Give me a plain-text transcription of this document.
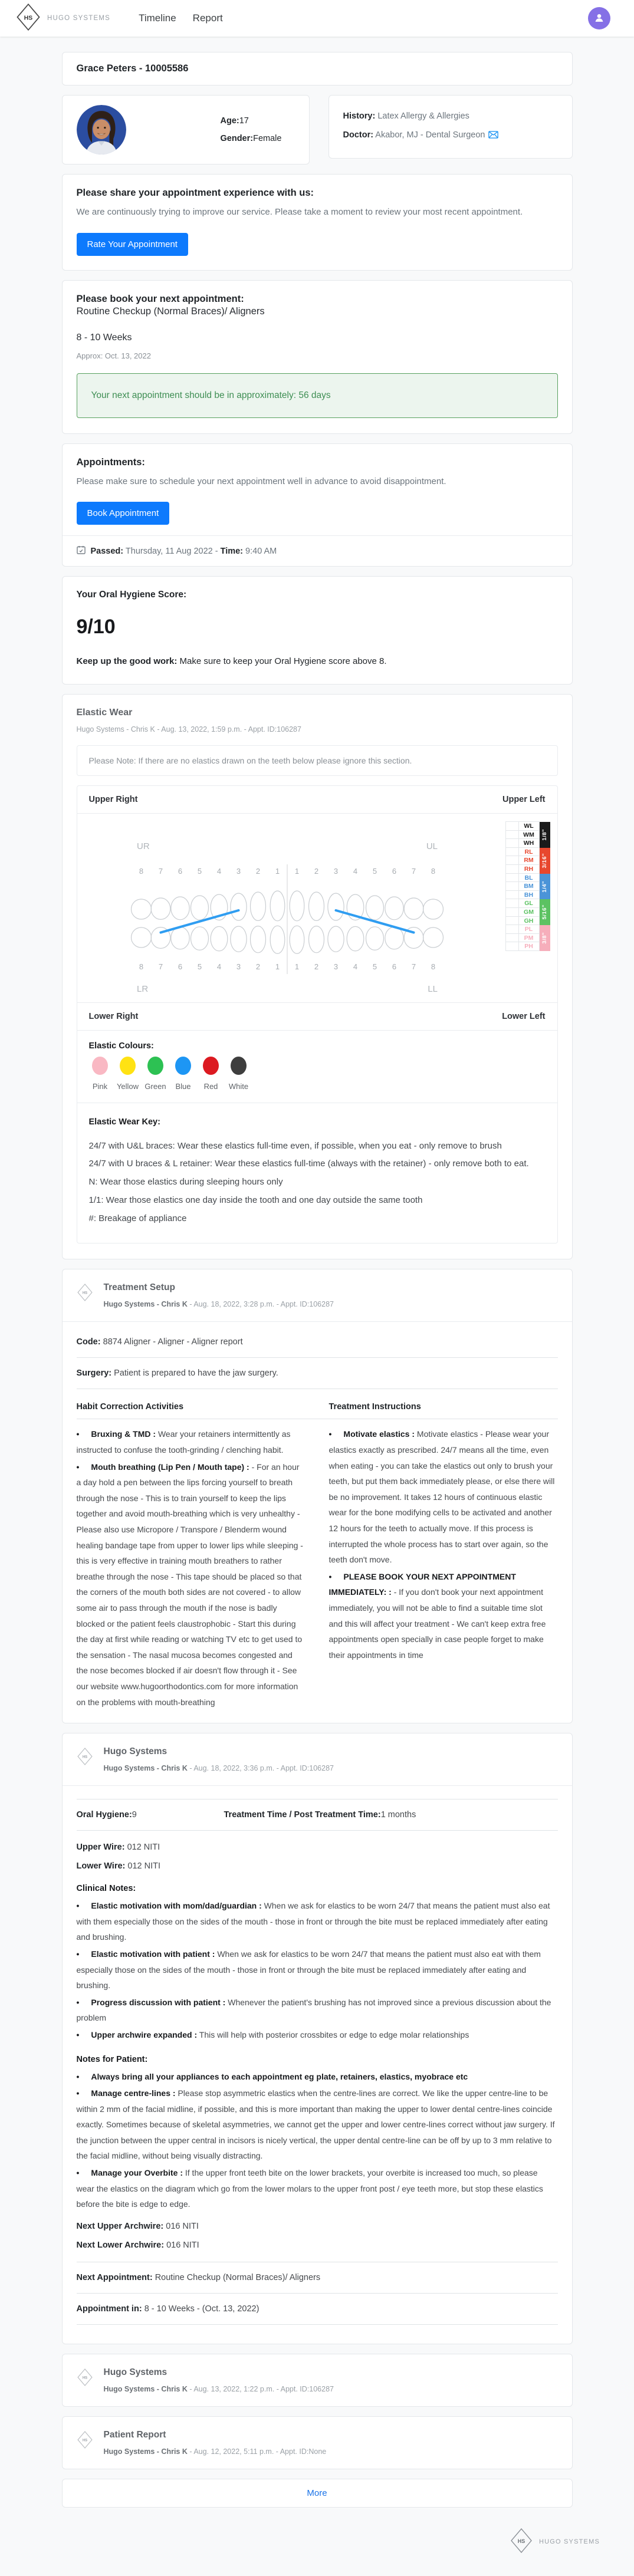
HS HUGO SYSTEMS	Timeline Report
Grace Peters - 10005586
Age:17
Gender:Female
History: Latex Allergy & Allergies
Doctor: Akabor, MJ - Dental Surgeon
Please share your appointment experience with us:
We are continuously trying to improve our service. Please take a moment to review your most recent appointment.
Rate Your Appointment
Please book your next appointment:
Routine Checkup (Normal Braces)/ Aligners
8 - 10 Weeks
Approx: Oct. 13, 2022
Your next appointment should be in approximately: 56 days
Appointments:
Please make sure to schedule your next appointment well in advance to avoid disappointment.
Book Appointment
Passed: Thursday, 11 Aug 2022 - Time: 9:40 AM
Your Oral Hygiene Score:
9/10
Keep up the good work: Make sure to keep your Oral Hygiene score above 8.
Elastic Wear
Hugo Systems - Chris K - Aug. 13, 2022, 1:59 p.m. - Appt. ID:106287
Please Note: If there are no elastics drawn on the teeth below please ignore this section.
Upper Right	Upper Left
UR	UL
LR	LL
8
8
7
7
6
6
5
5
4
4
3
3
2
2
1
1
1
1
2
2
3
3
4
4
5
5
6
6
7
7
8
8
WL
WM
WH
1/8"
RL
RM
RH
3/16"
BL
BM
BH
1/4"
GL
GM
GH
5/16"
PL
PM
PH
3/8"
Lower Right	Lower Left
Elastic Colours:
Pink	Yellow Green	Blue	Red	White
Elastic Wear Key:
24/7 with U&L braces: Wear these elastics full-time even, if possible, when you eat - only remove to brush
24/7 with U braces & L retainer: Wear these elastics full-time (always with the retainer) - only remove both to eat.
N: Wear those elastics during sleeping hours only
1/1: Wear those elastics one day inside the tooth and one day outside the same tooth
#: Breakage of appliance
HS
Treatment Setup
Hugo Systems - Chris K - Aug. 18, 2022, 3:28 p.m. - Appt. ID:106287
Code: 8874 Aligner - Aligner - Aligner report
Surgery: Patient is prepared to have the jaw surgery.
Habit Correction Activities	Treatment Instructions
• Bruxing & TMD : Wear your retainers intermittently as instructed to confuse the tooth-grinding / clenching habit.
• Mouth breathing (Lip Pen / Mouth tape) : - For an hour a day hold a pen between the lips forcing yourself to breath through the nose - This is to train yourself to keep the lips together and avoid mouth-breathing which is very unhealthy - Please also use Micropore / Transpore / Blenderm wound healing bandage tape from upper to lower lips while sleeping - this is very effective in training mouth breathers to rather breathe through the nose - This tape should be placed so that the corners of the mouth both sides are not covered - to allow some air to pass through the mouth if the nose is badly blocked or the patient feels claustrophobic - Start this during the day at first while reading or watching TV etc to get used to the sensation - The nasal mucosa becomes congested and the nose becomes blocked if air doesn't flow through it - See our website www.hugoorthodontics.com for more information on the problems with mouth-breathing
• Motivate elastics : Motivate elastics - Please wear your elastics exactly as prescribed. 24/7 means all the time, even when eating - you can take the elastics out only to brush your teeth, but put them back immediately please, or else there will be no improvement. It takes 12 hours of continuous elastic wear for the bone modifying cells to be activated and another 12 hours for the teeth to actually move. If this process is interrupted the whole process has to start over again, so the teeth don't move.
• PLEASE BOOK YOUR NEXT APPOINTMENT IMMEDIATELY: : - If you don't book your next appointment immediately, you will not be able to find a suitable time slot and this will affect your treatment - We can't keep extra free appointments open specially in case people forget to make their appointments in time
HS
Hugo Systems
Hugo Systems - Chris K - Aug. 18, 2022, 3:36 p.m. - Appt. ID:106287
Oral Hygiene:9	Treatment Time / Post Treatment Time:1 months
Upper Wire: 012 NITI
Lower Wire: 012 NITI
Clinical Notes:
• Elastic motivation with mom/dad/guardian : When we ask for elastics to be worn 24/7 that means the patient must also eat with them especially those on the sides of the mouth - those in front or through the bite must be replaced immediately after eating and brushing.
• Elastic motivation with patient : When we ask for elastics to be worn 24/7 that means the patient must also eat with them especially those on the sides of the mouth - those in front or through the bite must be replaced immediately after eating and brushing.
• Progress discussion with patient : Whenever the patient's brushing has not improved since a previous discussion about the problem
• Upper archwire expanded : This will help with posterior crossbites or edge to edge molar relationships
Notes for Patient:
• Always bring all your appliances to each appointment eg plate, retainers, elastics, myobrace etc
• Manage centre-lines : Please stop asymmetric elastics when the centre-lines are correct. We like the upper centre-line to be within 2 mm of the facial midline, if possible, and this is more important than making the upper to lower dental centre-lines coincide exactly. Sometimes because of skeletal asymmetries, we cannot get the upper and lower centre-lines correct without jaw surgery. If the junction between the upper central in incisors is nicely vertical, the upper dental centre-line can be off by up to 3 mm relative to the facial midline, without being visually distracting.
• Manage your Overbite : If the upper front teeth bite on the lower brackets, your overbite is increased too much, so please wear the elastics on the diagram which go from the lower molars to the upper front post / eye teeth more, but stop these elastics before the bite is edge to edge.
Next Upper Archwire: 016 NITI
Next Lower Archwire: 016 NITI
Next Appointment: Routine Checkup (Normal Braces)/ Aligners
Appointment in: 8 - 10 Weeks - (Oct. 13, 2022)
HS
Hugo Systems
Hugo Systems - Chris K - Aug. 13, 2022, 1:22 p.m. - Appt. ID:106287
HS
Patient Report
Hugo Systems - Chris K - Aug. 12, 2022, 5:11 p.m. - Appt. ID:None
More
HS HUGO SYSTEMS
